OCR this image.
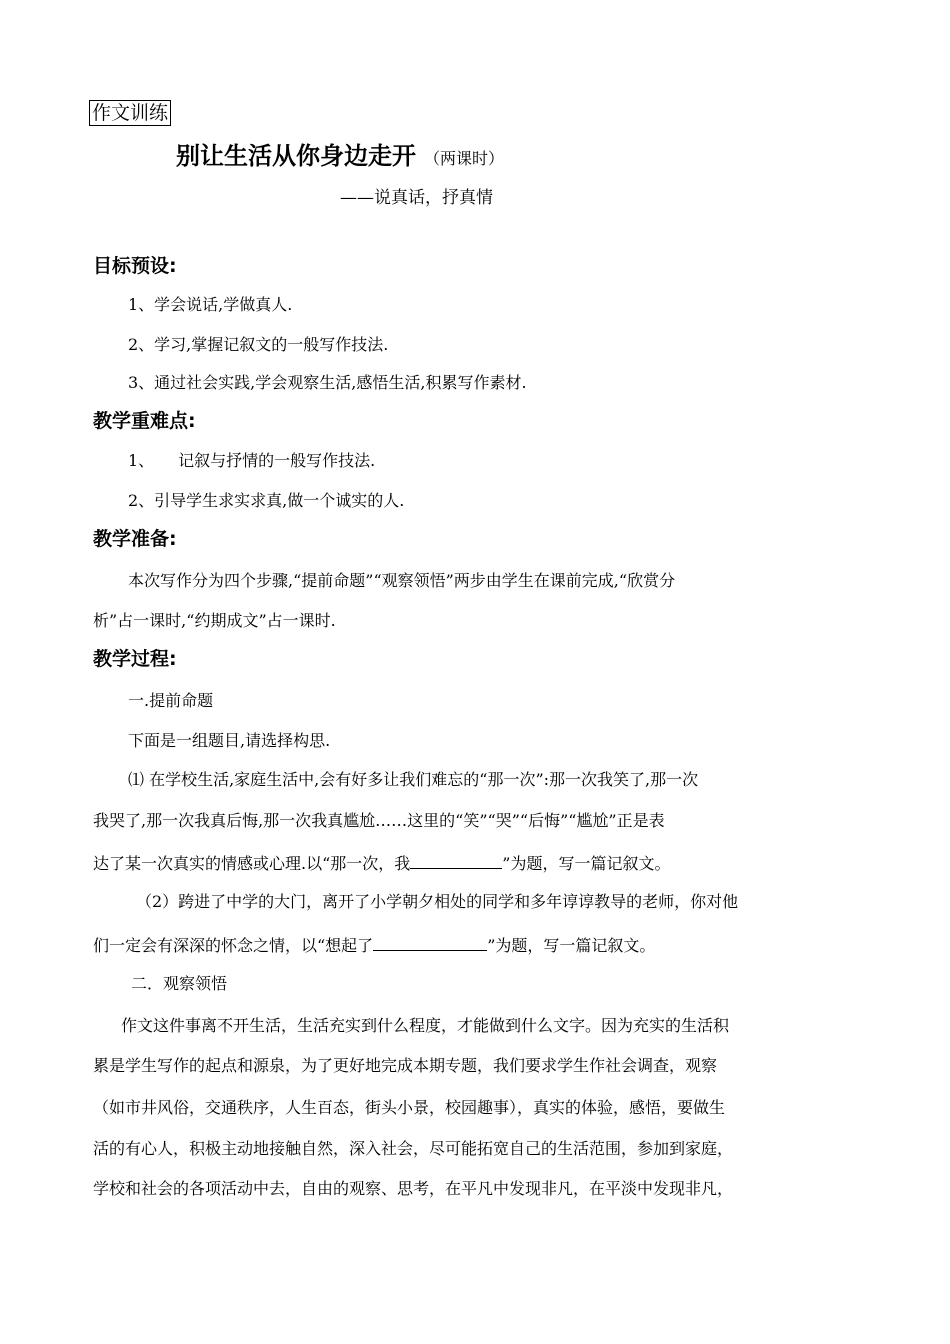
作文训练
别让生活从你身边走开 （两课时）
——说真话，抒真情
目标预设:
1、学会说话,学做真人.
2、学习,掌握记叙文的一般写作技法.
3、通过社会实践,学会观察生活,感悟生活,积累写作素材.
教学重难点:
1、　　记叙与抒情的一般写作技法.
2、引导学生求实求真,做一个诚实的人.
教学准备:
本次写作分为四个步骤,“提前命题”“观察领悟”两步由学生在课前完成,“欣赏分
析”占一课时,“约期成文”占一课时.
教学过程:
一.提前命题
下面是一组题目,请选择构思.
⑴ 在学校生活,家庭生活中,会有好多让我们难忘的“那一次”:那一次我笑了,那一次
我哭了,那一次我真后悔,那一次我真尴尬……这里的“笑”“哭”“后悔”“尴尬”正是表
达了某一次真实的情感或心理.以“那一次，我	”为题，写一篇记叙文。
（2）跨进了中学的大门，离开了小学朝夕相处的同学和多年谆谆教导的老师，你对他
们一定会有深深的怀念之情，以“想起了	”为题，写一篇记叙文。
二．观察领悟
作文这件事离不开生活，生活充实到什么程度，才能做到什么文字。因为充实的生活积
累是学生写作的起点和源泉，为了更好地完成本期专题，我们要求学生作社会调查，观察
（如市井风俗，交通秩序，人生百态，街头小景，校园趣事），真实的体验，感悟，要做生
活的有心人，积极主动地接触自然，深入社会，尽可能拓宽自己的生活范围，参加到家庭，
学校和社会的各项活动中去，自由的观察、思考，在平凡中发现非凡，在平淡中发现非凡，
